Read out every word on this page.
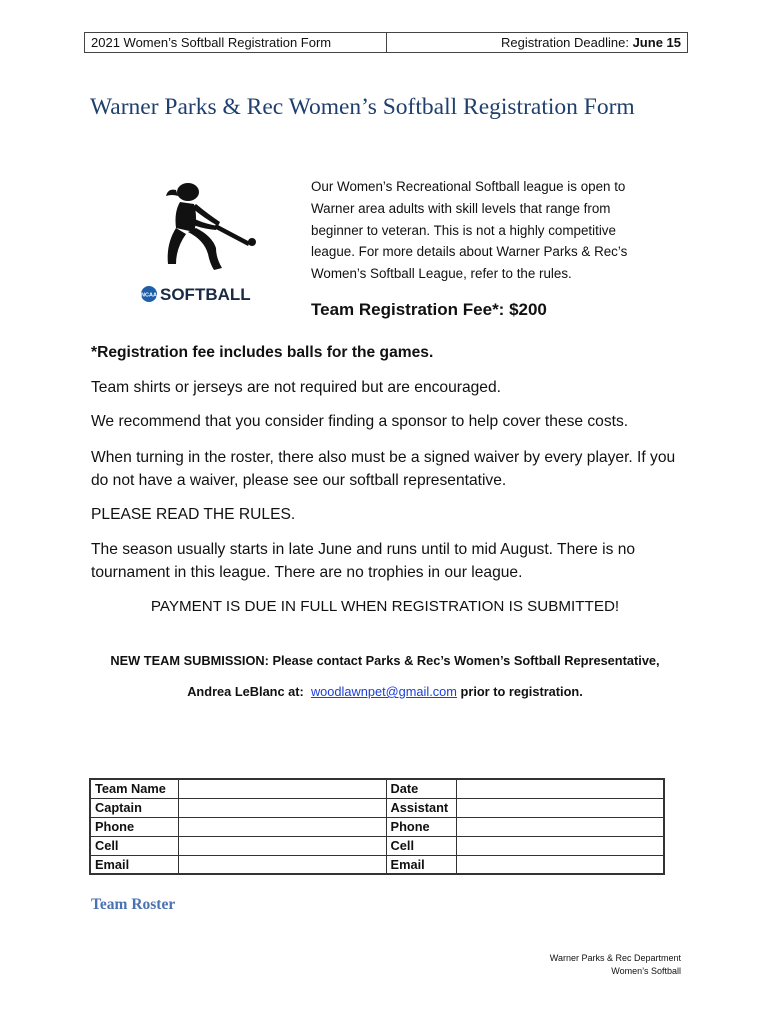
2021 Women’s Softball Registration Form	Registration Deadline: June 15
Warner Parks & Rec Women’s Softball Registration Form
NCAA SOFTBALL

Our Women’s Recreational Softball league is open to Warner area adults with skill levels that range from beginner to veteran. This is not a highly competitive league. For more details about Warner Parks & Rec’s Women’s Softball League, refer to the rules.

Team Registration Fee*: $200

*Registration fee includes balls for the games.

Team shirts or jerseys are not required but are encouraged.

We recommend that you consider finding a sponsor to help cover these costs.

When turning in the roster, there also must be a signed waiver by every player. If you do not have a waiver, please see our softball representative.

PLEASE READ THE RULES.

The season usually starts in late June and runs until to mid August. There is no tournament in this league. There are no trophies in our league.

PAYMENT IS DUE IN FULL WHEN REGISTRATION IS SUBMITTED!

NEW TEAM SUBMISSION: Please contact Parks & Rec’s Women’s Softball Representative,

Andrea LeBlanc at: woodlawnpet@gmail.com prior to registration.

Team Name		Date	
Captain		Assistant	
Phone		Phone	
Cell		Cell	
Email		Email	

Team Roster

Warner Parks & Rec Department
Women’s Softball
